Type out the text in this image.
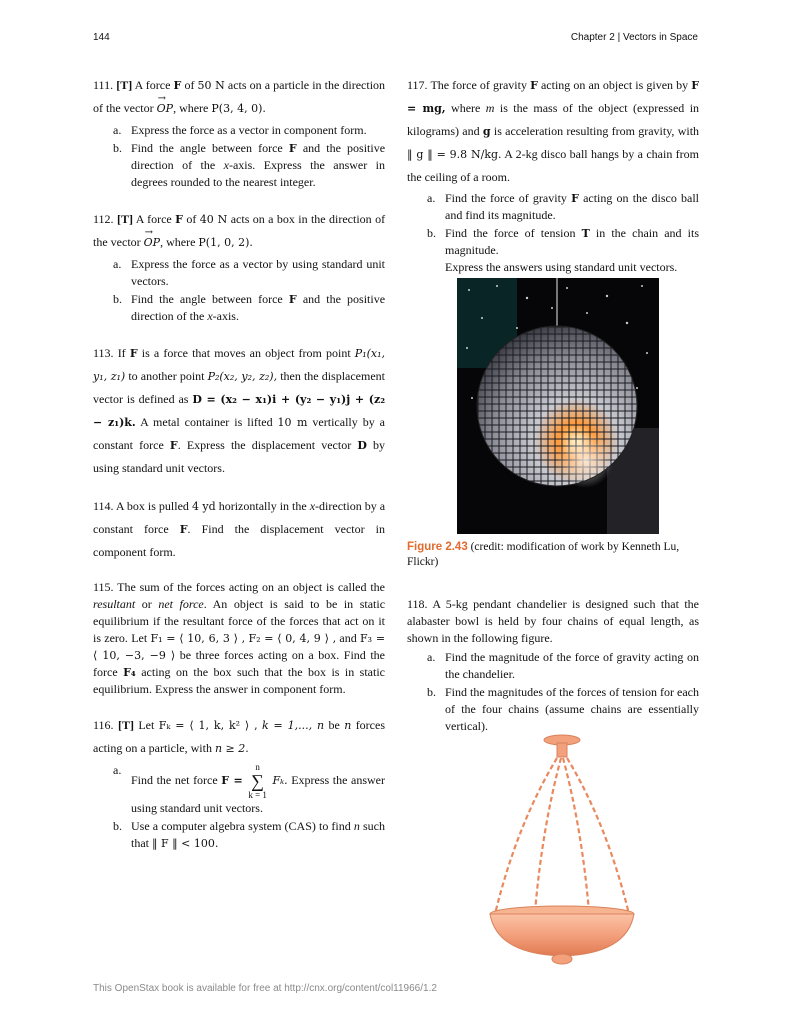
144	Chapter 2 | Vectors in Space

111. [T] A force F of 50 N acts on a particle in the direction of the vector → OP, where P(3, 4, 0).

a. Express the force as a vector in component form.
b. Find the angle between force F and the positive direction of the x-axis. Express the answer in degrees rounded to the nearest integer.

112. [T] A force F of 40 N acts on a box in the direction of the vector → OP, where P(1, 0, 2).

a. Express the force as a vector by using standard unit vectors.
b. Find the angle between force F and the positive direction of the x-axis.

113. If F is a force that moves an object from point P₁(x₁, y₁, z₁) to another point P₂(x₂, y₂, z₂), then the displacement vector is defined as D = (x₂ − x₁)i + (y₂ − y₁)j + (z₂ − z₁)k. A metal container is lifted 10 m vertically by a constant force F. Express the displacement vector D by using standard unit vectors.

114. A box is pulled 4 yd horizontally in the x-direction by a constant force F. Find the displacement vector in component form.

115. The sum of the forces acting on an object is called the resultant or net force. An object is said to be in static equilibrium if the resultant force of the forces that act on it is zero. Let F₁ = ⟨ 10, 6, 3 ⟩ , F₂ = ⟨ 0, 4, 9 ⟩ , and F₃ = ⟨ 10, −3, −9 ⟩ be three forces acting on a box. Find the force F₄ acting on the box such that the box is in static equilibrium. Express the answer in component form.

116. [T] Let Fₖ = ⟨ 1, k, k² ⟩ , k = 1,..., n be n forces acting on a particle, with n ≥ 2.

a.
Find the net force F =
n
∑
k = 1
Fₖ. Express the answer using standard unit vectors.
b. Use a computer algebra system (CAS) to find n such that ‖ F ‖ < 100.

117. The force of gravity F acting on an object is given by F = mg, where m is the mass of the object (expressed in kilograms) and g is acceleration resulting from gravity, with ‖ g ‖ = 9.8 N/kg. A 2-kg disco ball hangs by a chain from the ceiling of a room.

a. Find the force of gravity F acting on the disco ball and find its magnitude.
b. Find the force of tension T in the chain and its magnitude.
Express the answers using standard unit vectors.
Figure 2.43 (credit: modification of work by Kenneth Lu, Flickr)

118. A 5-kg pendant chandelier is designed such that the alabaster bowl is held by four chains of equal length, as shown in the following figure.

a. Find the magnitude of the force of gravity acting on the chandelier.
b. Find the magnitudes of the forces of tension for each of the four chains (assume chains are essentially vertical).
This OpenStax book is available for free at http://cnx.org/content/col11966/1.2
